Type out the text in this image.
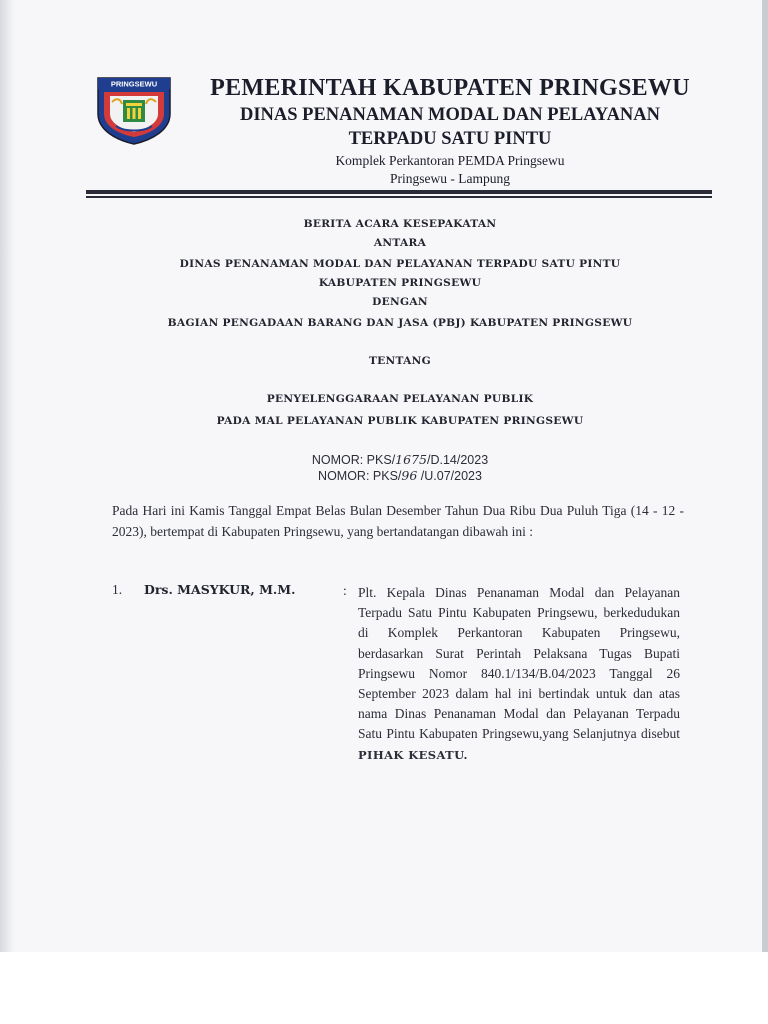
PRINGSEWU	PEMERINTAH KABUPATEN PRINGSEWU
DINAS PENANAMAN MODAL DAN PELAYANAN
TERPADU SATU PINTU
Komplek Perkantoran PEMDA Pringsewu
Pringsewu - Lampung
BERITA ACARA KESEPAKATAN
ANTARA
DINAS PENANAMAN MODAL DAN PELAYANAN TERPADU SATU PINTU
KABUPATEN PRINGSEWU
DENGAN
BAGIAN PENGADAAN BARANG DAN JASA (PBJ) KABUPATEN PRINGSEWU
TENTANG
PENYELENGGARAAN PELAYANAN PUBLIK
PADA MAL PELAYANAN PUBLIK KABUPATEN PRINGSEWU
NOMOR: PKS/1675/D.14/2023
NOMOR: PKS/96 /U.07/2023
Pada Hari ini Kamis Tanggal Empat Belas Bulan Desember Tahun Dua Ribu Dua Puluh Tiga (14 - 12 - 2023), bertempat di Kabupaten Pringsewu, yang bertandatangan dibawah ini :
1. Drs. MASYKUR, M.M.	: Plt. Kepala Dinas Penanaman Modal dan Pelayanan Terpadu Satu Pintu Kabupaten Pringsewu, berkedudukan di Komplek Perkantoran Kabupaten Pringsewu, berdasarkan Surat Perintah Pelaksana Tugas Bupati Pringsewu Nomor 840.1/134/B.04/2023 Tanggal 26 September 2023 dalam hal ini bertindak untuk dan atas nama Dinas Penanaman Modal dan Pelayanan Terpadu Satu Pintu Kabupaten Pringsewu,yang Selanjutnya disebut PIHAK KESATU.
